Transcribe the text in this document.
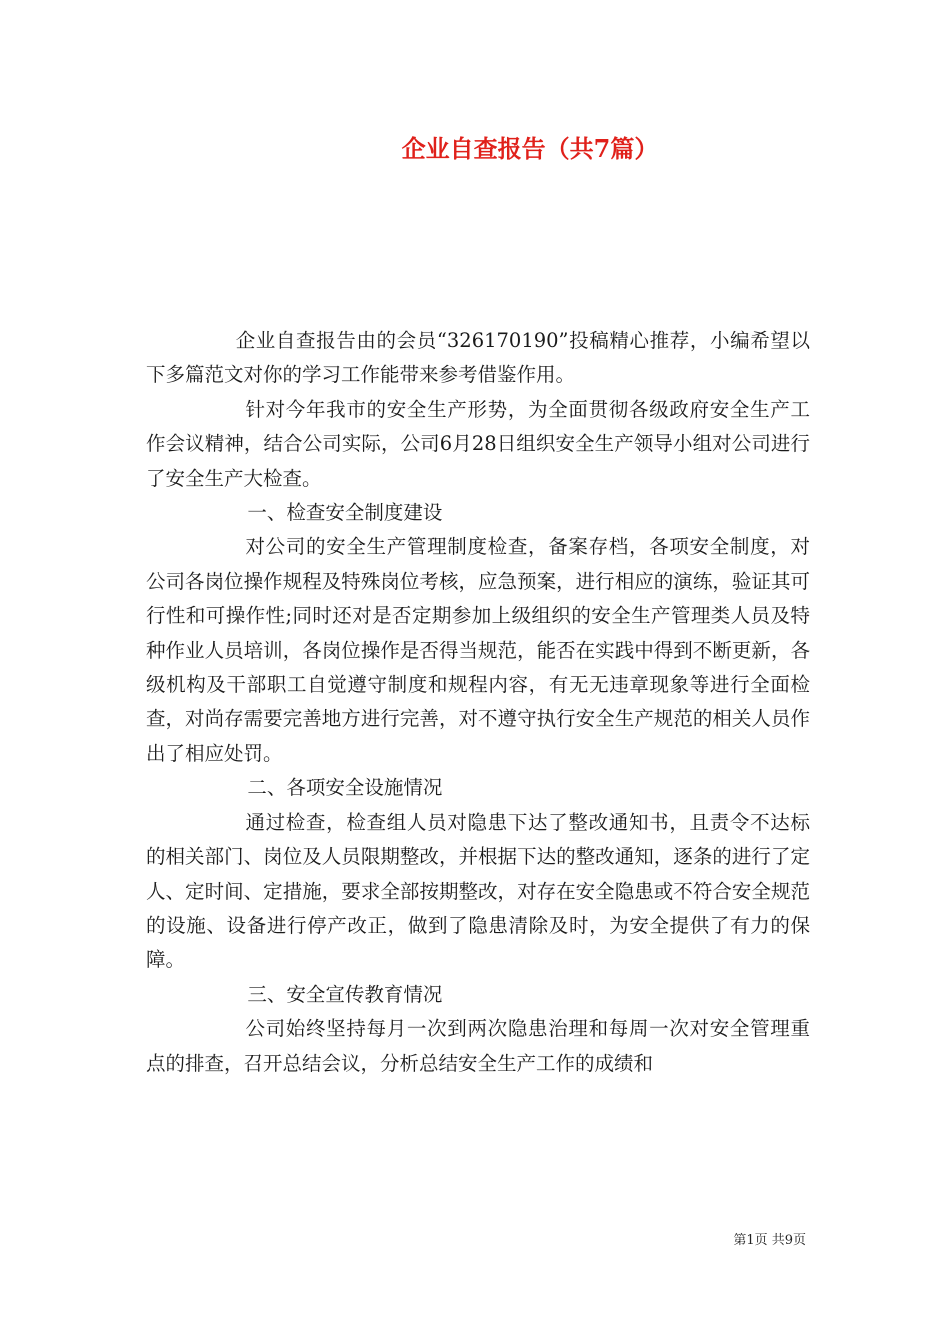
企业自查报告（共7篇）

企业自查报告由的会员“326170190”投稿精心推荐，小编希望以下多篇范文对你的学习工作能带来参考借鉴作用。

针对今年我市的安全生产形势，为全面贯彻各级政府安全生产工作会议精神，结合公司实际，公司6月28日组织安全生产领导小组对公司进行了安全生产大检查。

一、检查安全制度建设

对公司的安全生产管理制度检查，备案存档，各项安全制度，对公司各岗位操作规程及特殊岗位考核，应急预案，进行相应的演练，验证其可行性和可操作性;同时还对是否定期参加上级组织的安全生产管理类人员及特种作业人员培训，各岗位操作是否得当规范，能否在实践中得到不断更新，各级机构及干部职工自觉遵守制度和规程内容，有无无违章现象等进行全面检查，对尚存需要完善地方进行完善，对不遵守执行安全生产规范的相关人员作出了相应处罚。

二、各项安全设施情况

通过检查，检查组人员对隐患下达了整改通知书，且责令不达标的相关部门、岗位及人员限期整改，并根据下达的整改通知，逐条的进行了定人、定时间、定措施，要求全部按期整改，对存在安全隐患或不符合安全规范的设施、设备进行停产改正，做到了隐患清除及时，为安全提供了有力的保障。

三、安全宣传教育情况

公司始终坚持每月一次到两次隐患治理和每周一次对安全管理重点的排查，召开总结会议，分析总结安全生产工作的成绩和

第1页 共9页
